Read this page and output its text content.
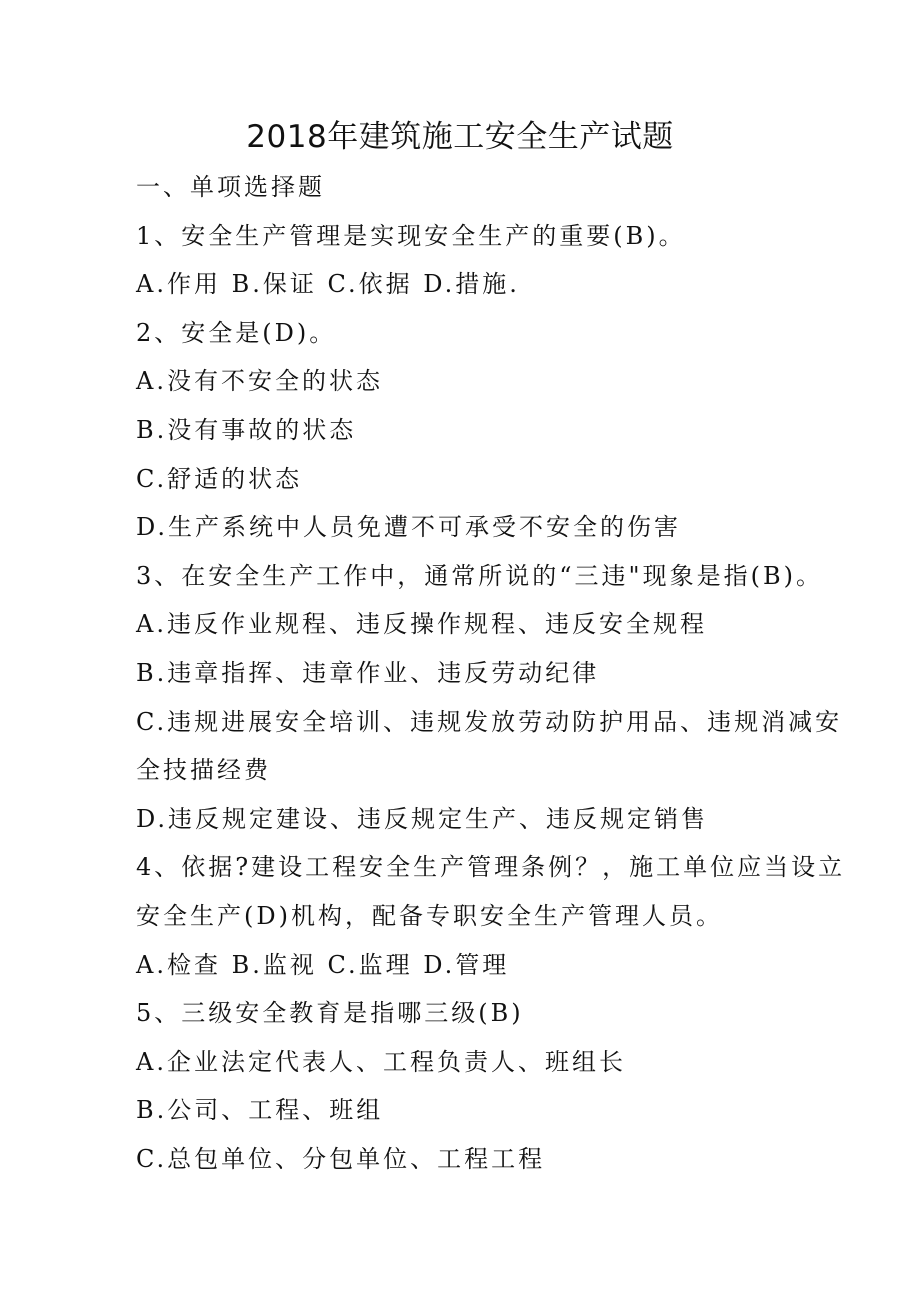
2018年建筑施工安全生产试题
一、单项选择题
1、安全生产管理是实现安全生产的重要(B)。
A.作用 B.保证 C.依据 D.措施.
2、安全是(D)。
A.没有不安全的状态
B.没有事故的状态
C.舒适的状态
D.生产系统中人员免遭不可承受不安全的伤害
3、在安全生产工作中，通常所说的“三违"现象是指(B)。
A.违反作业规程、违反操作规程、违反安全规程
B.违章指挥、违章作业、违反劳动纪律
C.违规进展安全培训、违规发放劳动防护用品、违规消减安
全技描经费
D.违反规定建设、违反规定生产、违反规定销售
4、依据?建设工程安全生产管理条例？，施工单位应当设立
安全生产(D)机构，配备专职安全生产管理人员。
A.检查 B.监视 C.监理 D.管理
5、三级安全教育是指哪三级(B)
A.企业法定代表人、工程负责人、班组长
B.公司、工程、班组
C.总包单位、分包单位、工程工程
